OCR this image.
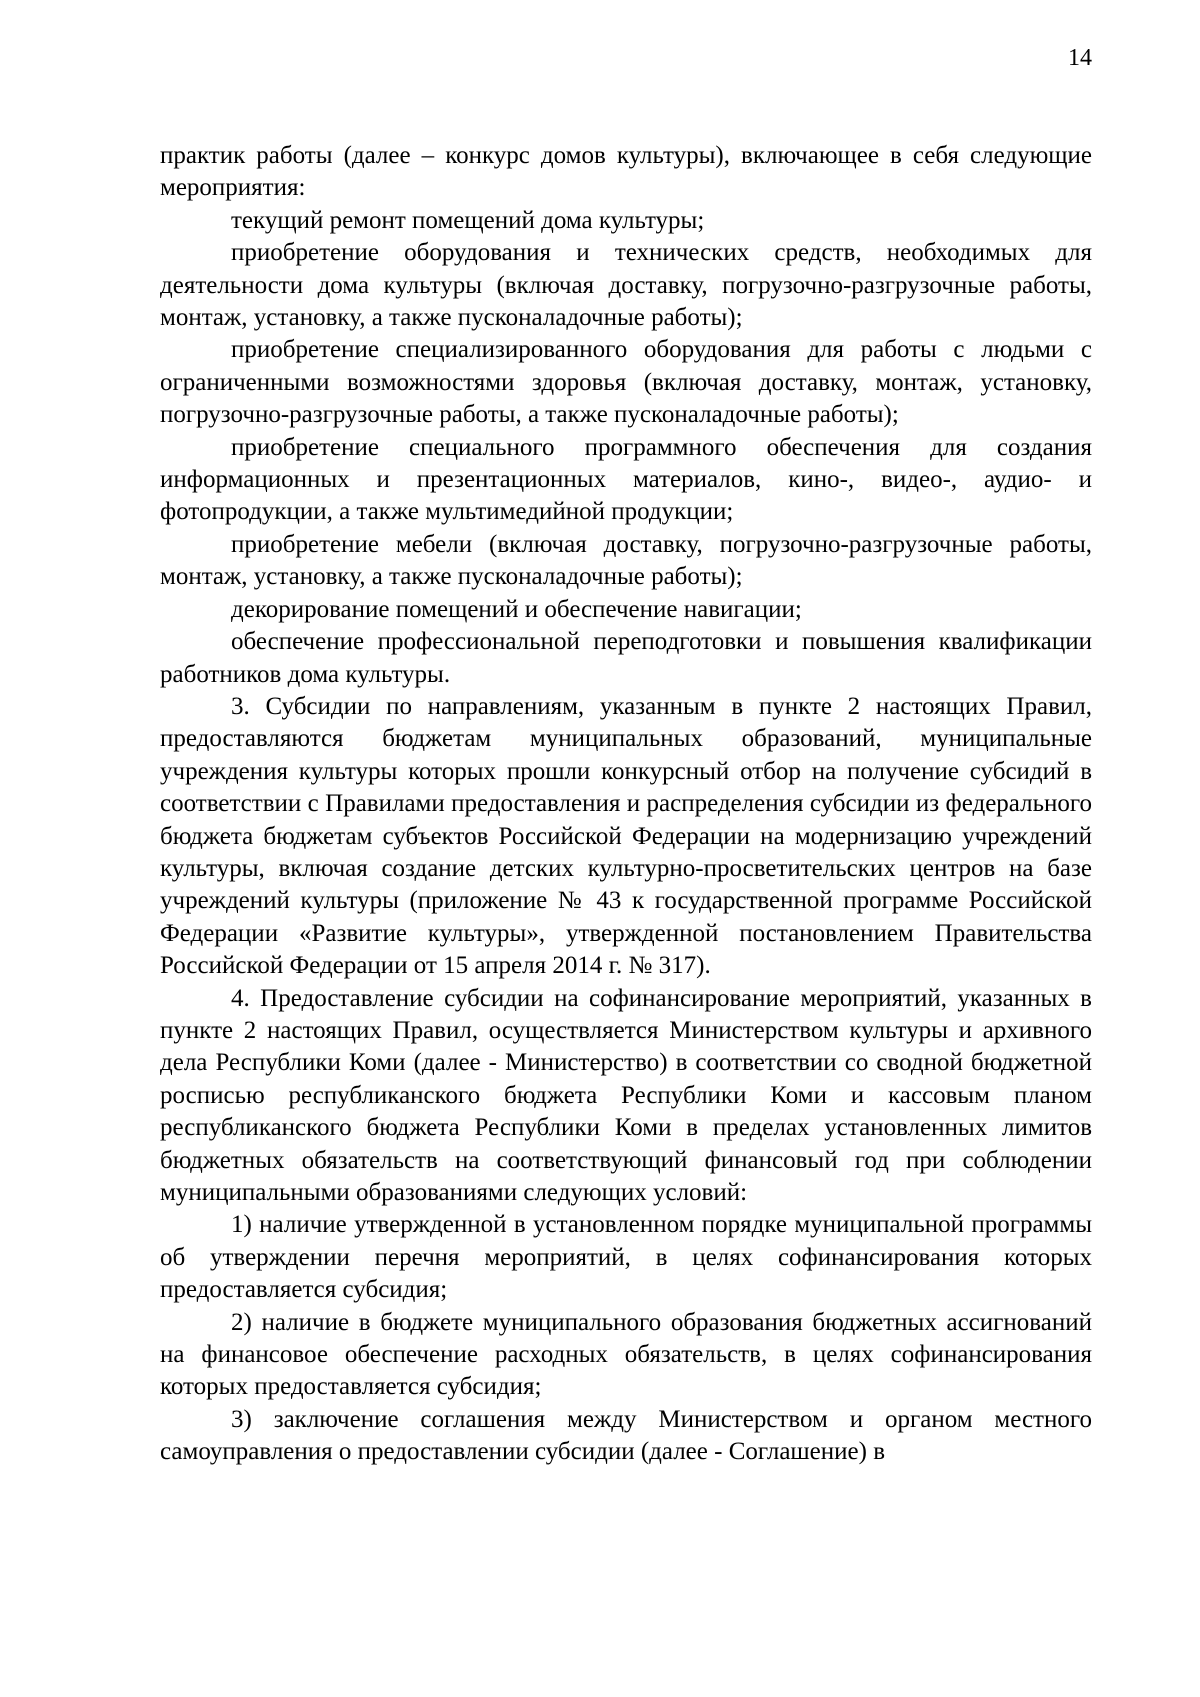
14

практик работы (далее – конкурс домов культуры), включающее в себя следующие мероприятия:

текущий ремонт помещений дома культуры;

приобретение оборудования и технических средств, необходимых для деятельности дома культуры (включая доставку, погрузочно-разгрузочные работы, монтаж, установку, а также пусконаладочные работы);

приобретение специализированного оборудования для работы с людьми с ограниченными возможностями здоровья (включая доставку, монтаж, установку, погрузочно-разгрузочные работы, а также пусконаладочные работы);

приобретение специального программного обеспечения для создания информационных и презентационных материалов, кино-, видео-, аудио- и фотопродукции, а также мультимедийной продукции;

приобретение мебели (включая доставку, погрузочно-разгрузочные работы, монтаж, установку, а также пусконаладочные работы);

декорирование помещений и обеспечение навигации;

обеспечение профессиональной переподготовки и повышения квалификации работников дома культуры.

3. Субсидии по направлениям, указанным в пункте 2 настоящих Правил, предоставляются бюджетам муниципальных образований, муниципальные учреждения культуры которых прошли конкурсный отбор на получение субсидий в соответствии с Правилами предоставления и распределения субсидии из федерального бюджета бюджетам субъектов Российской Федерации на модернизацию учреждений культуры, включая создание детских культурно-просветительских центров на базе учреждений культуры (приложение № 43 к государственной программе Российской Федерации «Развитие культуры», утвержденной постановлением Правительства Российской Федерации от 15 апреля 2014 г. № 317).

4. Предоставление субсидии на софинансирование мероприятий, указанных в пункте 2 настоящих Правил, осуществляется Министерством культуры и архивного дела Республики Коми (далее - Министерство) в соответствии со сводной бюджетной росписью республиканского бюджета Республики Коми и кассовым планом республиканского бюджета Республики Коми в пределах установленных лимитов бюджетных обязательств на соответствующий финансовый год при соблюдении муниципальными образованиями следующих условий:

1) наличие утвержденной в установленном порядке муниципальной программы об утверждении перечня мероприятий, в целях софинансирования которых предоставляется субсидия;

2) наличие в бюджете муниципального образования бюджетных ассигнований на финансовое обеспечение расходных обязательств, в целях софинансирования которых предоставляется субсидия;

3) заключение соглашения между Министерством и органом местного самоуправления о предоставлении субсидии (далее - Соглашение) в
